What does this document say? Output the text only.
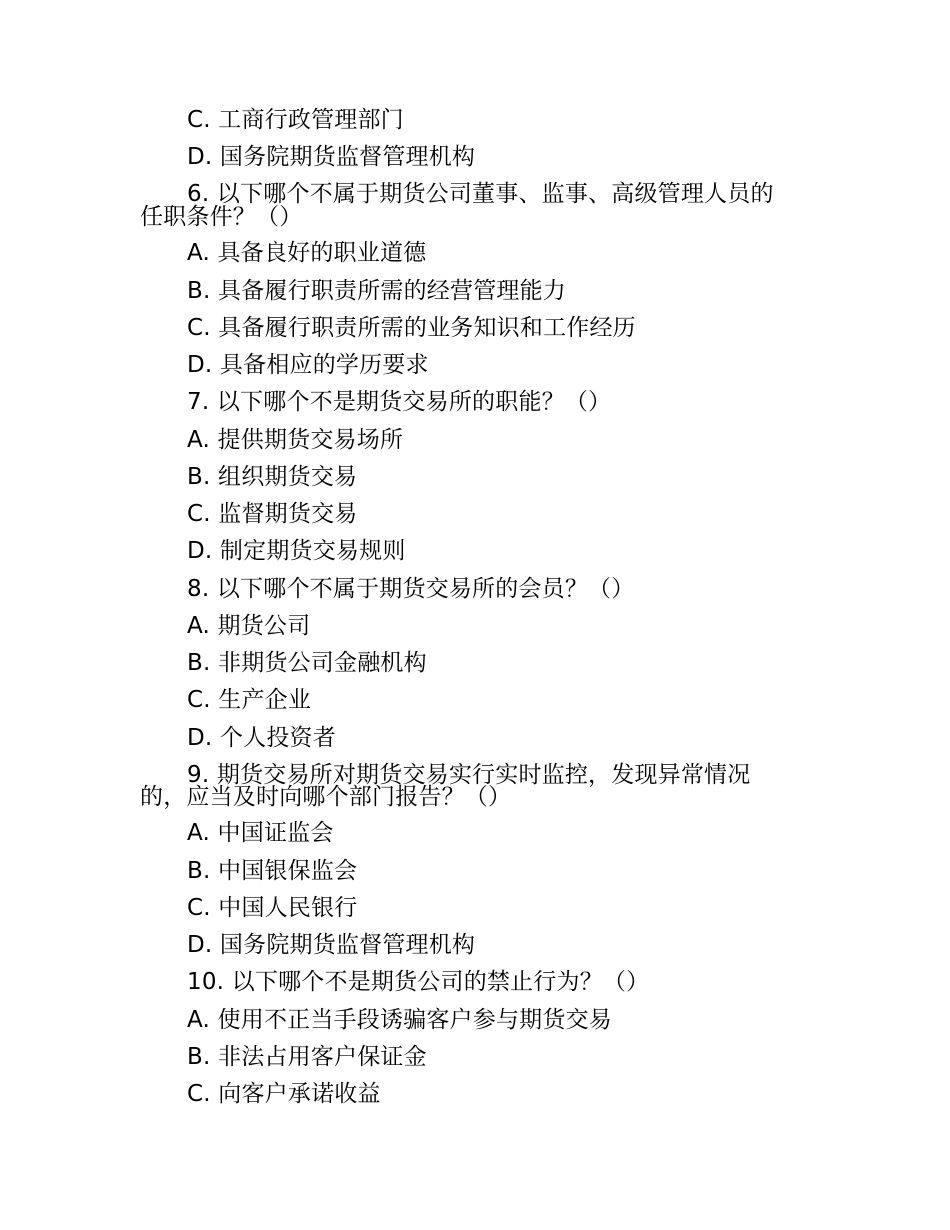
C. 工商行政管理部门
D. 国务院期货监督管理机构
6. 以下哪个不属于期货公司董事、监事、高级管理人员的
任职条件？（）
A. 具备良好的职业道德
B. 具备履行职责所需的经营管理能力
C. 具备履行职责所需的业务知识和工作经历
D. 具备相应的学历要求
7. 以下哪个不是期货交易所的职能？（）
A. 提供期货交易场所
B. 组织期货交易
C. 监督期货交易
D. 制定期货交易规则
8. 以下哪个不属于期货交易所的会员？（）
A. 期货公司
B. 非期货公司金融机构
C. 生产企业
D. 个人投资者
9. 期货交易所对期货交易实行实时监控，发现异常情况
的，应当及时向哪个部门报告？（）
A. 中国证监会
B. 中国银保监会
C. 中国人民银行
D. 国务院期货监督管理机构
10. 以下哪个不是期货公司的禁止行为？（）
A. 使用不正当手段诱骗客户参与期货交易
B. 非法占用客户保证金
C. 向客户承诺收益
